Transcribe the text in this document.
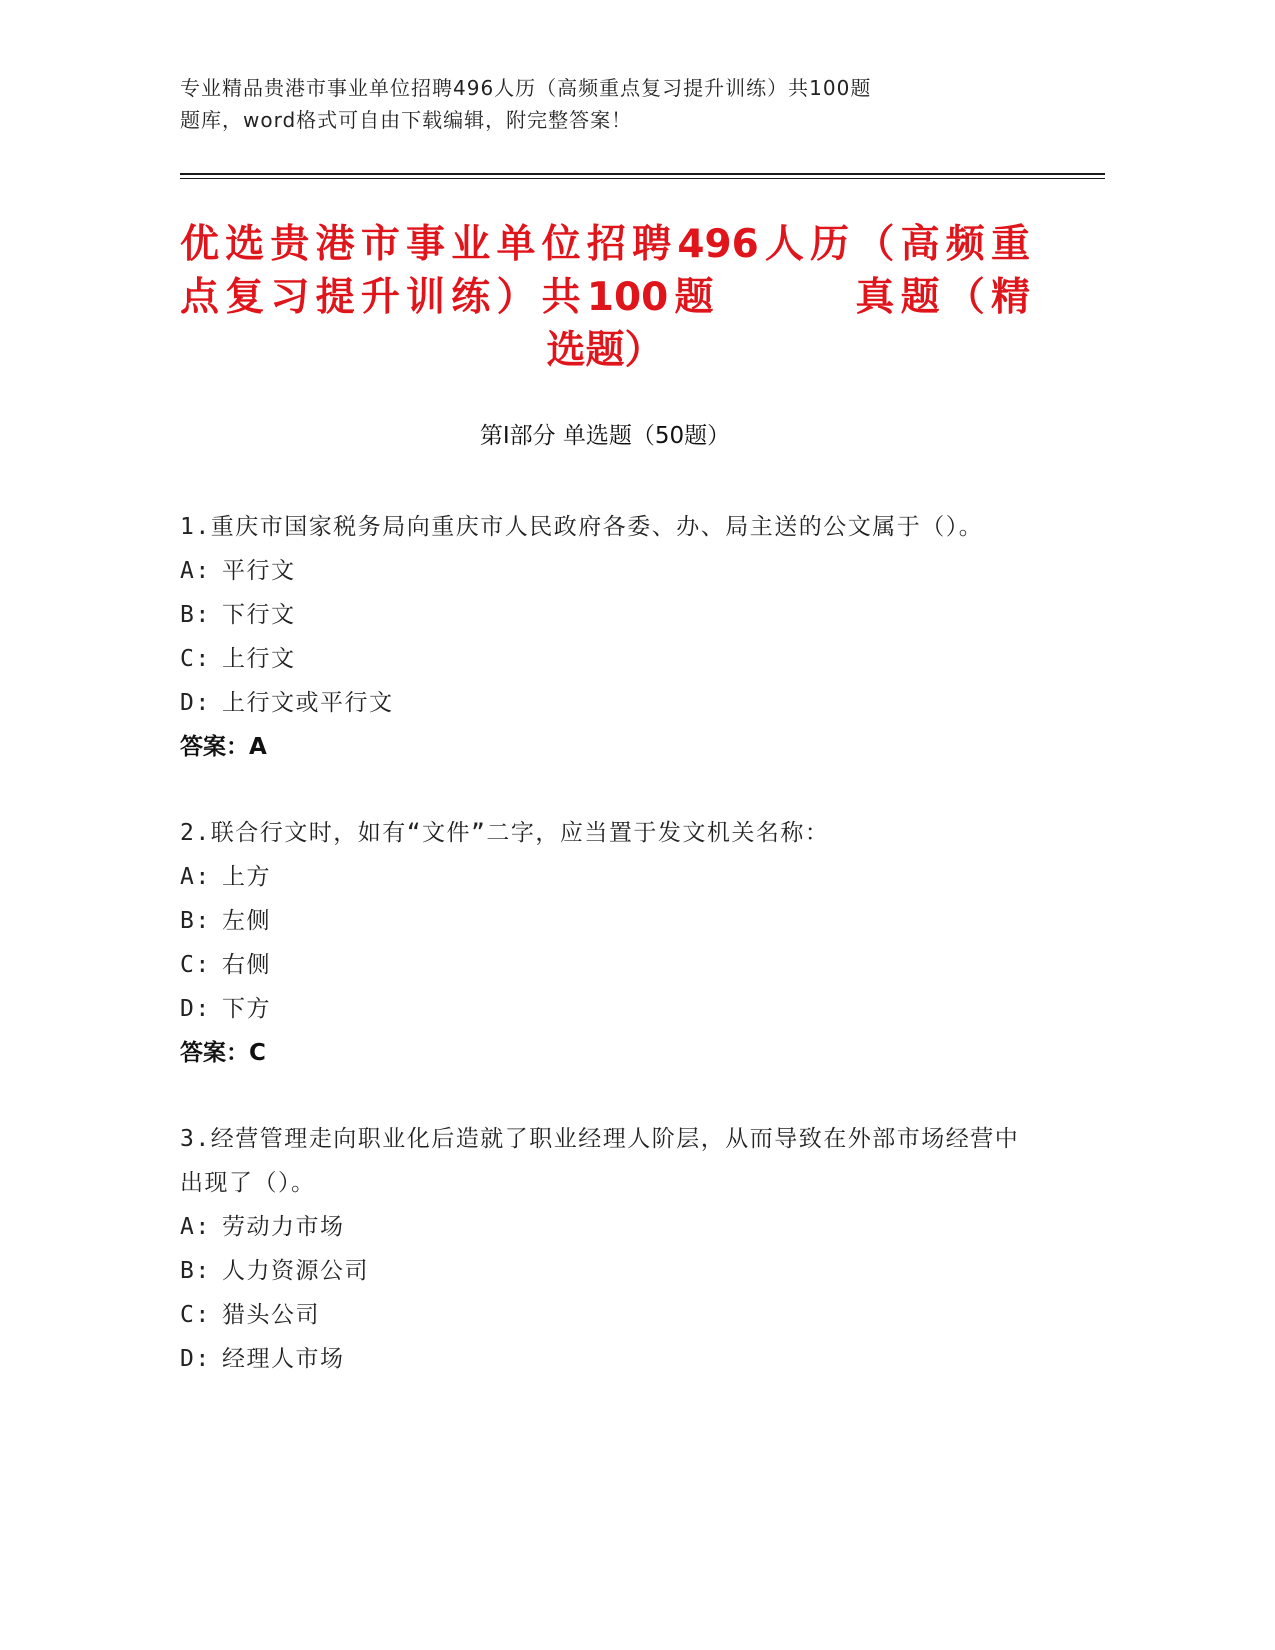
专业精品贵港市事业单位招聘496人历（高频重点复习提升训练）共100题
题库，word格式可自由下载编辑，附完整答案！
优选贵港市事业单位招聘496人历（高频重
点复习提升训练）共100题　　　真题（精
选题）
第Ⅰ部分 单选题（50题）
1.重庆市国家税务局向重庆市人民政府各委、办、局主送的公文属于（）。
A: 平行文
B: 下行文
C: 上行文
D: 上行文或平行文
答案：A
2.联合行文时，如有“文件”二字，应当置于发文机关名称：
A: 上方
B: 左侧
C: 右侧
D: 下方
答案：C
3.经营管理走向职业化后造就了职业经理人阶层，从而导致在外部市场经营中出现了（）。
A: 劳动力市场
B: 人力资源公司
C: 猎头公司
D: 经理人市场
